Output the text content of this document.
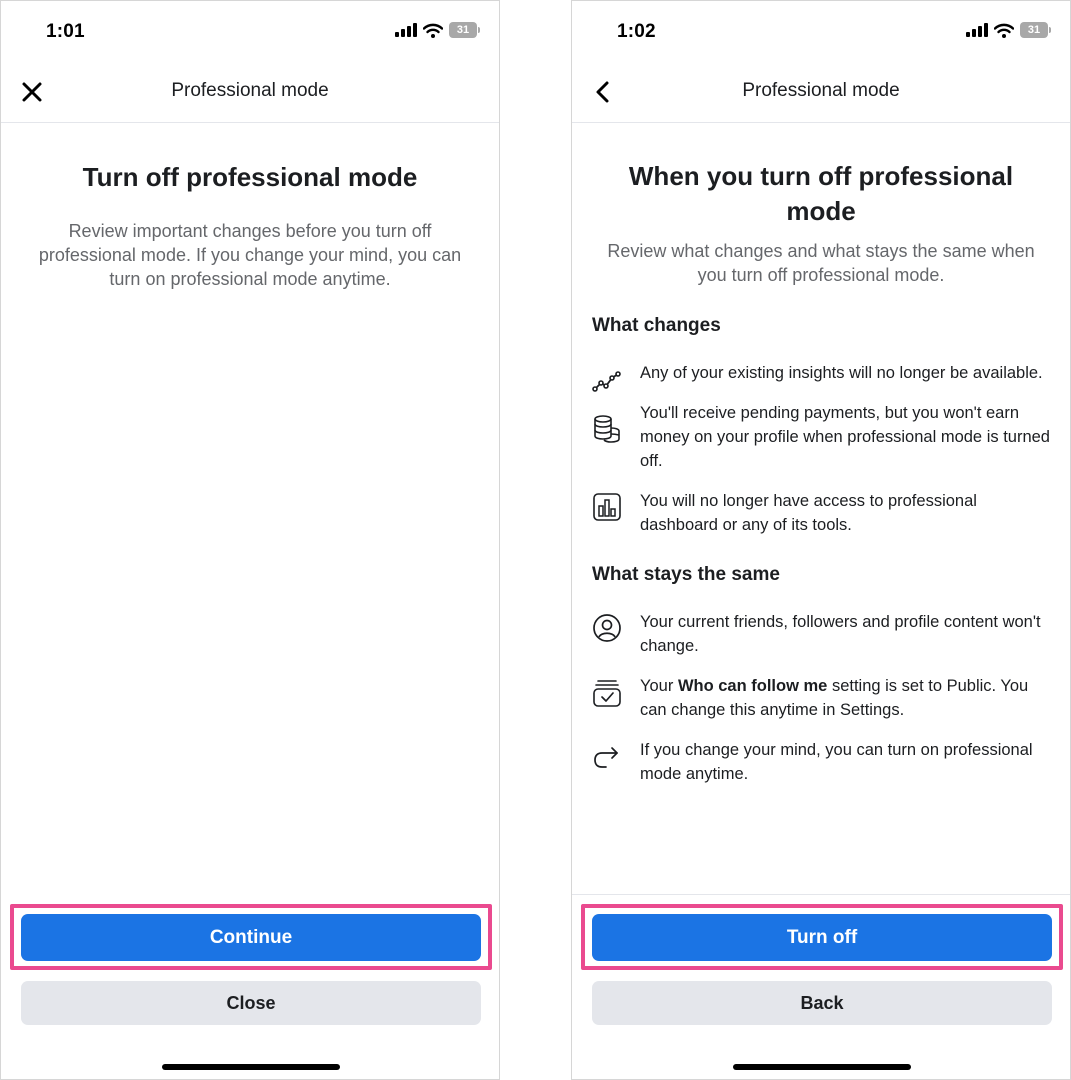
1:01	31
Professional mode
Turn off professional mode

Review important changes before you turn off professional mode. If you change your mind, you can turn on professional mode anytime.

Continue
Close
1:02	31
Professional mode
When you turn off professional mode

Review what changes and what stays the same when you turn off professional mode.

What changes
Any of your existing insights will no longer be available.
You'll receive pending payments, but you won't earn money on your profile when professional mode is turned off.
You will no longer have access to professional dashboard or any of its tools.
What stays the same
Your current friends, followers and profile content won't change.
Your Who can follow me setting is set to Public. You can change this anytime in Settings.
If you change your mind, you can turn on professional mode anytime.
Turn off
Back
